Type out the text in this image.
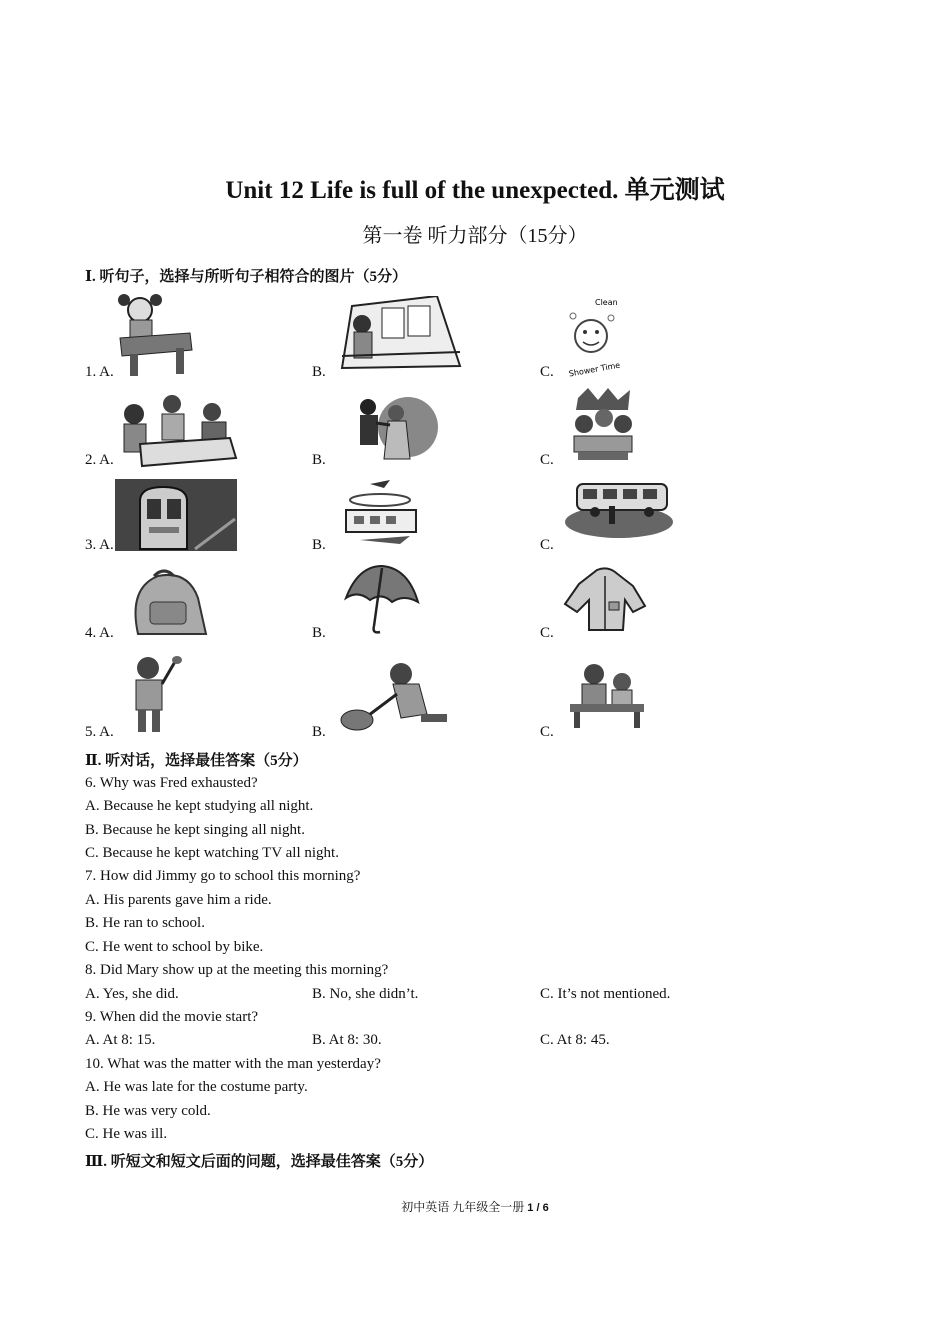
Unit 12 Life is full of the unexpected. 单元测试
第一卷 听力部分（15分）
Ⅰ. 听句子，选择与所听句子相符合的图片（5分）
1. A.	B.	C.
Clean
Shower Time
2. A.	B.	C.
3. A.	B.	C.
4. A.	B.	C.
5. A.	B.	C.
Ⅱ. 听对话，选择最佳答案（5分）
6. Why was Fred exhausted?
A. Because he kept studying all night.
B. Because he kept singing all night.
C. Because he kept watching TV all night.
7. How did Jimmy go to school this morning?
A. His parents gave him a ride.
B. He ran to school.
C. He went to school by bike.
8. Did Mary show up at the meeting this morning?
A. Yes, she did.	B. No, she didn’t.	C. It’s not mentioned.
9. When did the movie start?
A. At 8: 15.	B. At 8: 30.	C. At 8: 45.
10. What was the matter with the man yesterday?
A. He was late for the costume party.
B. He was very cold.
C. He was ill.
Ⅲ. 听短文和短文后面的问题，选择最佳答案（5分）
初中英语 九年级全一册 1 / 6
